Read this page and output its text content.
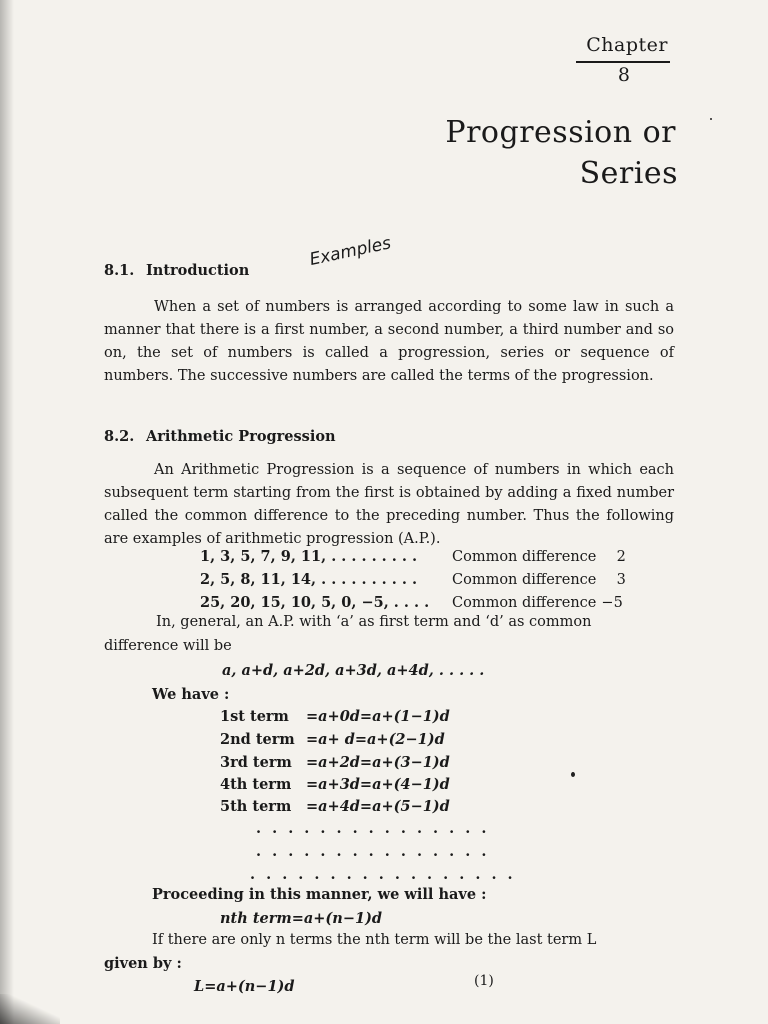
Chapter
8
Progression or
Series
8.1. Introduction
Examples

When a set of numbers is arranged according to some law in such a manner that there is a first number, a second number, a third number and so on, the set of numbers is called a progression, series or sequence of numbers. The successive numbers are called the terms of the progression.

8.2. Arithmetic Progression

An Arithmetic Progression is a sequence of numbers in which each subsequent term starting from the first is obtained by adding a fixed number called the common difference to the preceding number. Thus the following are examples of arithmetic progression (A.P.).

1, 3, 5, 7, 9, 11, . . . . . . . . . Common difference 2
2, 5, 8, 11, 14, . . . . . . . . . . Common difference 3
25, 20, 15, 10, 5, 0, −5, . . . . Common difference −5
In, general, an A.P. with ‘a’ as first term and ‘d’ as common
difference will be
a, a+d, a+2d, a+3d, a+4d, . . . . .
We have :
1st term =a+0d=a+(1−1)d
2nd term =a+ d=a+(2−1)d
3rd term =a+2d=a+(3−1)d
4th term =a+3d=a+(4−1)d
5th term =a+4d=a+(5−1)d
. . . . . . . . . . . . . . .
. . . . . . . . . . . . . . .
. . . . . . . . . . . . . . . . .
Proceeding in this manner, we will have :
nth term=a+(n−1)d
If there are only n terms the nth term will be the last term L
given by :
L=a+(n−1)d	(1)
